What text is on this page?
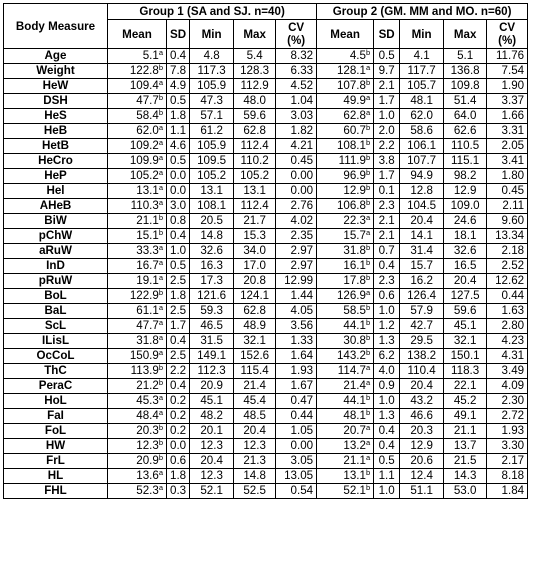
Body Measure	Group 1 (SA and SJ. n=40)					Group 2 (GM. MM and MO. n=60)				
	Mean	SD	Min	Max	CV (%)	Mean	SD	Min	Max	CV (%)
Age	5.1$^a$	0.4	4.8	5.4	8.32	4.5$^b$	0.5	4.1	5.1	11.76
Weight	122.8$^b$	7.8	117.3	128.3	6.33	128.1$^a$	9.7	117.7	136.8	7.54
HeW	109.4$^a$	4.9	105.9	112.9	4.52	107.8$^b$	2.1	105.7	109.8	1.90
DSH	47.7$^b$	0.5	47.3	48.0	1.04	49.9$^a$	1.7	48.1	51.4	3.37
HeS	58.4$^b$	1.8	57.1	59.6	3.03	62.8$^a$	1.0	62.0	64.0	1.66
HeB	62.0$^a$	1.1	61.2	62.8	1.82	60.7$^b$	2.0	58.6	62.6	3.31
HetB	109.2$^a$	4.6	105.9	112.4	4.21	108.1$^b$	2.2	106.1	110.5	2.05
HeCro	109.9$^a$	0.5	109.5	110.2	0.45	111.9$^b$	3.8	107.7	115.1	3.41
HeP	105.2$^a$	0.0	105.2	105.2	0.00	96.9$^b$	1.7	94.9	98.2	1.80
Hel	13.1$^a$	0.0	13.1	13.1	0.00	12.9$^b$	0.1	12.8	12.9	0.45
AHeB	110.3$^a$	3.0	108.1	112.4	2.76	106.8$^b$	2.3	104.5	109.0	2.11
BiW	21.1$^b$	0.8	20.5	21.7	4.02	22.3$^a$	2.1	20.4	24.6	9.60
pChW	15.1$^b$	0.4	14.8	15.3	2.35	15.7$^a$	2.1	14.1	18.1	13.34
aRuW	33.3$^a$	1.0	32.6	34.0	2.97	31.8$^b$	0.7	31.4	32.6	2.18
InD	16.7$^a$	0.5	16.3	17.0	2.97	16.1$^b$	0.4	15.7	16.5	2.52
pRuW	19.1$^a$	2.5	17.3	20.8	12.99	17.8$^b$	2.3	16.2	20.4	12.62
BoL	122.9$^b$	1.8	121.6	124.1	1.44	126.9$^a$	0.6	126.4	127.5	0.44
BaL	61.1$^a$	2.5	59.3	62.8	4.05	58.5$^b$	1.0	57.9	59.6	1.63
ScL	47.7$^a$	1.7	46.5	48.9	3.56	44.1$^b$	1.2	42.7	45.1	2.80
ILisL	31.8$^a$	0.4	31.5	32.1	1.33	30.8$^b$	1.3	29.5	32.1	4.23
OcCoL	150.9$^a$	2.5	149.1	152.6	1.64	143.2$^b$	6.2	138.2	150.1	4.31
ThC	113.9$^b$	2.2	112.3	115.4	1.93	114.7$^a$	4.0	110.4	118.3	3.49
PeraC	21.2$^b$	0.4	20.9	21.4	1.67	21.4$^a$	0.9	20.4	22.1	4.09
HoL	45.3$^a$	0.2	45.1	45.4	0.47	44.1$^b$	1.0	43.2	45.2	2.30
FaI	48.4$^a$	0.2	48.2	48.5	0.44	48.1$^b$	1.3	46.6	49.1	2.72
FoL	20.3$^b$	0.2	20.1	20.4	1.05	20.7$^a$	0.4	20.3	21.1	1.93
HW	12.3$^b$	0.0	12.3	12.3	0.00	13.2$^a$	0.4	12.9	13.7	3.30
FrL	20.9$^b$	0.6	20.4	21.3	3.05	21.1$^a$	0.5	20.6	21.5	2.17
HL	13.6$^a$	1.8	12.3	14.8	13.05	13.1$^b$	1.1	12.4	14.3	8.18
FHL	52.3$^a$	0.3	52.1	52.5	0.54	52.1$^b$	1.0	51.1	53.0	1.84
